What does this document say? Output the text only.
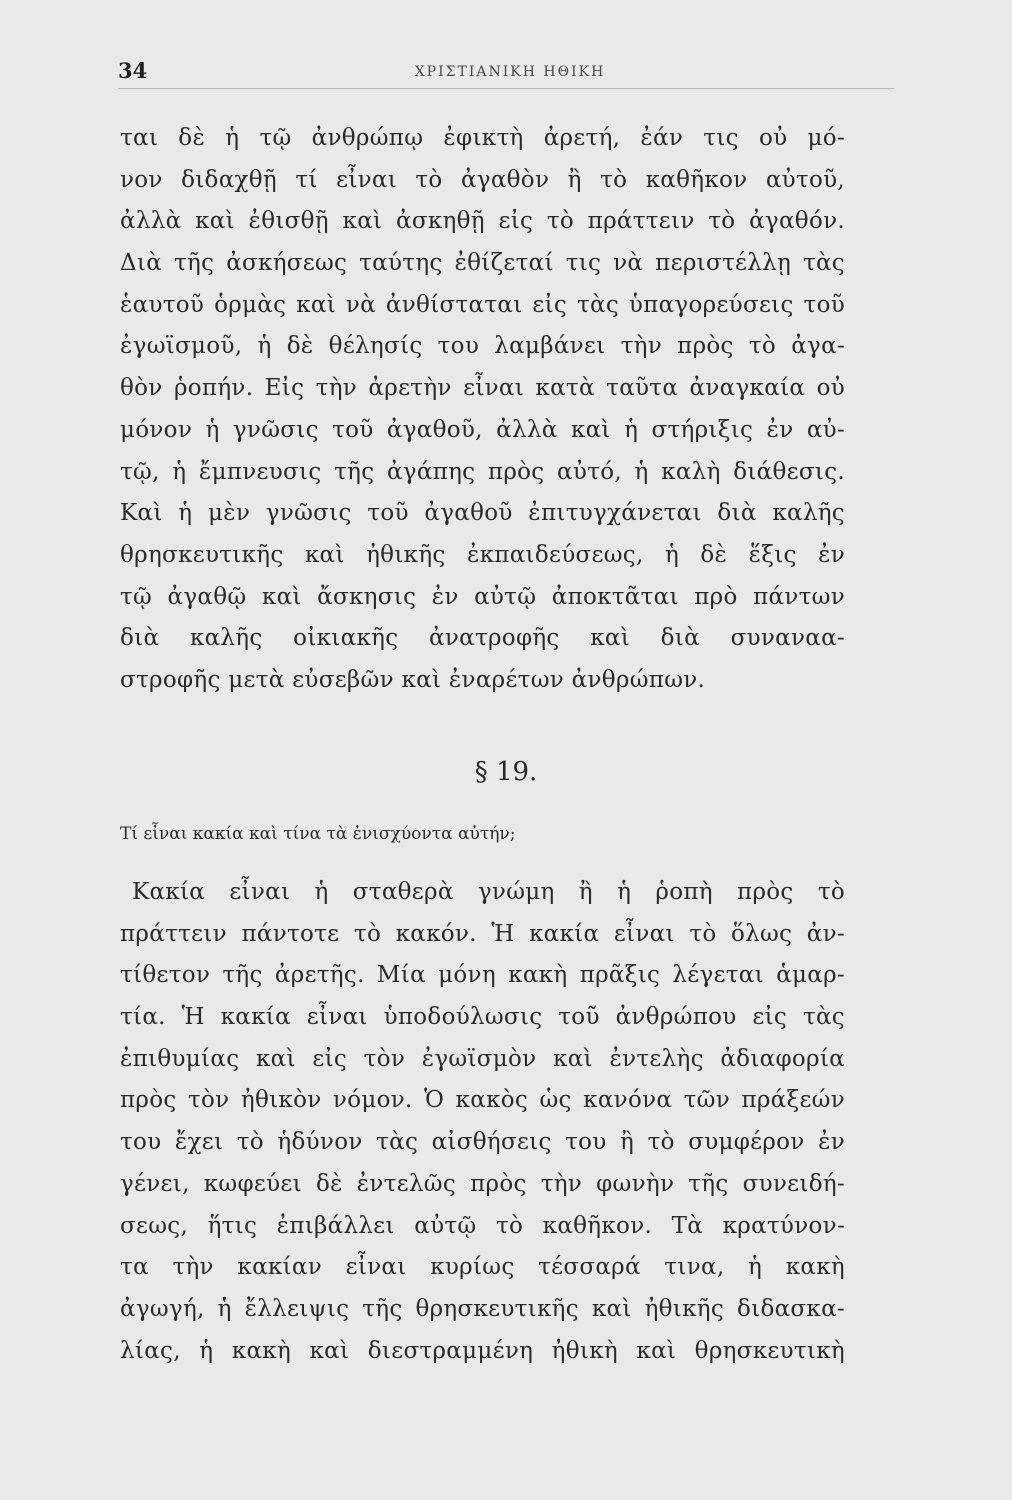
34	ΧΡΙΣΤΙΑΝΙΚΗ ΗΘΙΚΗ
ται δὲ ἡ τῷ ἀνθρώπῳ ἐφικτὴ ἀρετή, ἐάν τις οὐ μό-
νον διδαχθῇ τί εἶναι τὸ ἀγαθὸν ἢ τὸ καθῆκον αὐτοῦ,
ἀλλὰ καὶ ἐθισθῇ καὶ ἀσκηθῇ εἰς τὸ πράττειν τὸ ἀγαθόν.
Διὰ τῆς ἀσκήσεως ταύτης ἐθίζεταί τις νὰ περιστέλλῃ τὰς
ἑαυτοῦ ὁρμὰς καὶ νὰ ἀνθίσταται εἰς τὰς ὑπαγορεύσεις τοῦ
ἐγωϊσμοῦ, ἡ δὲ θέλησίς του λαμβάνει τὴν πρὸς τὸ ἀγα-
θὸν ῥοπήν. Εἰς τὴν ἀρετὴν εἶναι κατὰ ταῦτα ἀναγκαία οὐ
μόνον ἡ γνῶσις τοῦ ἀγαθοῦ, ἀλλὰ καὶ ἡ στήριξις ἐν αὐ-
τῷ, ἡ ἔμπνευσις τῆς ἀγάπης πρὸς αὐτό, ἡ καλὴ διάθεσις.
Καὶ ἡ μὲν γνῶσις τοῦ ἀγαθοῦ ἐπιτυγχάνεται διὰ καλῆς
θρησκευτικῆς καὶ ἠθικῆς ἐκπαιδεύσεως, ἡ δὲ ἕξις ἐν
τῷ ἀγαθῷ καὶ ἄσκησις ἐν αὐτῷ ἀποκτᾶται πρὸ πάντων
διὰ καλῆς οἰκιακῆς ἀνατροφῆς καὶ διὰ συναναα-
στροφῆς μετὰ εὐσεβῶν καὶ ἐναρέτων ἀνθρώπων.
§ 19.
Τί εἶναι κακία καὶ τίνα τὰ ἐνισχύοντα αὐτήν;
Κακία εἶναι ἡ σταθερὰ γνώμη ἢ ἡ ῥοπὴ πρὸς τὸ
πράττειν πάντοτε τὸ κακόν. Ἡ κακία εἶναι τὸ ὅλως ἀν-
τίθετον τῆς ἀρετῆς. Μία μόνη κακὴ πρᾶξις λέγεται ἁμαρ-
τία. Ἡ κακία εἶναι ὑποδούλωσις τοῦ ἀνθρώπου εἰς τὰς
ἐπιθυμίας καὶ εἰς τὸν ἐγωϊσμὸν καὶ ἐντελὴς ἀδιαφορία
πρὸς τὸν ἠθικὸν νόμον. Ὁ κακὸς ὡς κανόνα τῶν πράξεών
του ἔχει τὸ ἡδύνον τὰς αἰσθήσεις του ἢ τὸ συμφέρον ἐν
γένει, κωφεύει δὲ ἐντελῶς πρὸς τὴν φωνὴν τῆς συνειδή-
σεως, ἥτις ἐπιβάλλει αὐτῷ τὸ καθῆκον. Τὰ κρατύνον-
τα τὴν κακίαν εἶναι κυρίως τέσσαρά τινα, ἡ κακὴ
ἀγωγή, ἡ ἔλλειψις τῆς θρησκευτικῆς καὶ ἠθικῆς διδασκα-
λίας, ἡ κακὴ καὶ διεστραμμένη ἠθικὴ καὶ θρησκευτικὴ
